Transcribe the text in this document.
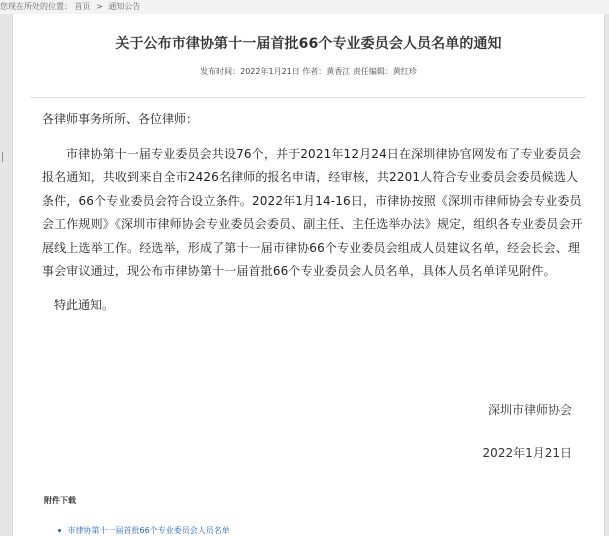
您现在所处的位置： 首页 > 通知公告
关于公布市律协第十一届首批66个专业委员会人员名单的通知
发布时间：2022年1月21日 作者：黄香江 责任编辑：黄红珍

各律师事务所所、各位律师：

市律协第十一届专业委员会共设76个，并于2021年12月24日在深圳律协官网发布了专业委员会报名通知，共收到来自全市2426名律师的报名申请，经审核，共2201人符合专业委员会委员候选人条件，66个专业委员会符合设立条件。2022年1月14-16日，市律协按照《深圳市律师协会专业委员会工作规则》《深圳市律师协会专业委员会委员、副主任、主任选举办法》规定，组织各专业委员会开展线上选举工作。经选举，形成了第十一届市律协66个专业委员会组成人员建议名单，经会长会、理事会审议通过，现公布市律协第十一届首批66个专业委员会人员名单，具体人员名单详见附件。

特此通知。

深圳市律师协会
2022年1月21日
附件下载
市律协第十一届首批66个专业委员会人员名单
